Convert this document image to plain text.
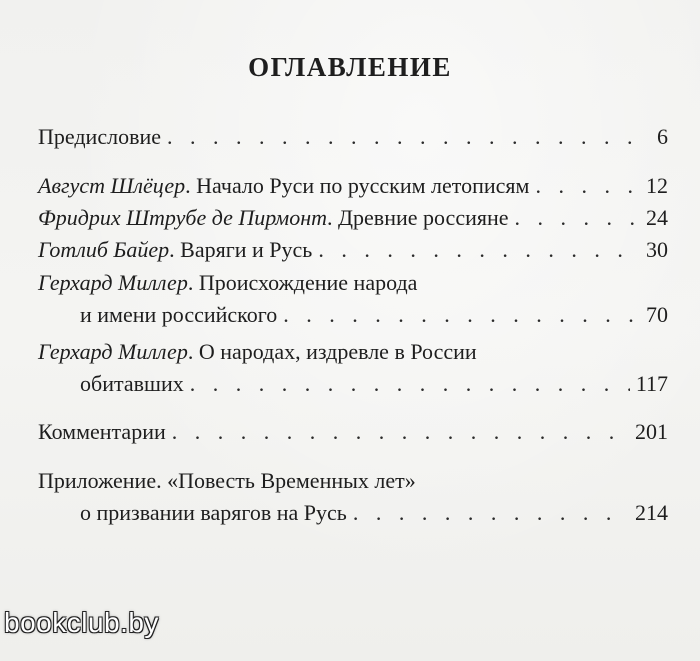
ОГЛАВЛЕНИЕ
Предисловие . . .	6
Август Шлёцер . Начало Руси по русским летописям . . .	12
Фридрих Штрубе де Пирмонт . Древние россияне . . .	24
Готлиб Байер . Варяги и Русь . . .	30
Герхард Миллер . Происхождение народа
и имени российского . . .	70
Герхард Миллер . О народах, издревле в России
обитавших . . .	117
Комментарии . . .	201
Приложение. «Повесть Временных лет»
о призвании варягов на Русь . . .	214
bookclub.by
